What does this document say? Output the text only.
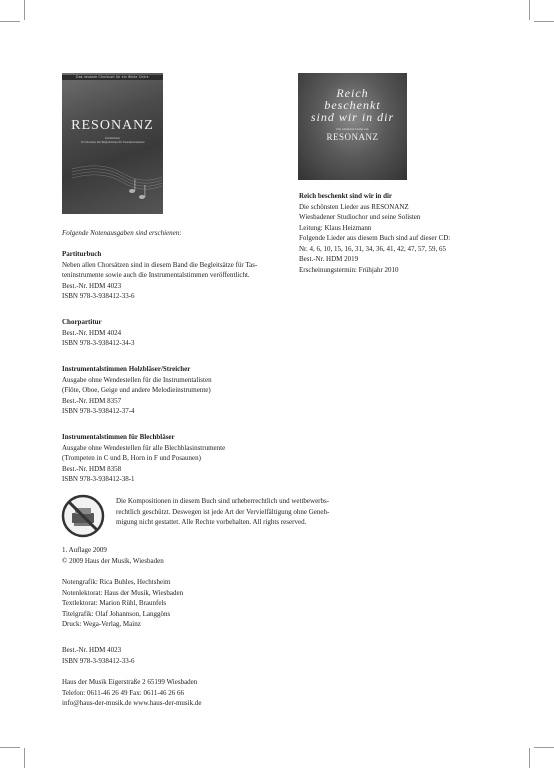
Das neueste Chorbuch für ein Wilde Chöre
RESONANZ
Partiturbuch
10 Chorsätze mit Begleitsätzen für Tasteninstrumente
Reich
beschenkt
sind wir in dir
Die schönsten Lieder aus
RESONANZ
Reich beschenkt sind wir in dir
Die schönsten Lieder aus RESONANZ
Wiesbadener Studiochor und seine Solisten
Leitung: Klaus Heizmann
Folgende Lieder aus diesem Buch sind auf dieser CD:
Nr. 4, 6, 10, 15, 16, 31, 34, 36, 41, 42, 47, 57, 59, 65
Best.-Nr. HDM 2019
Erscheinungstermin: Frühjahr 2010
Folgende Notenausgaben sind erschienen:
Partiturbuch
Neben allen Chorsätzen sind in diesem Band die Begleitsätze für Tas-
teninstrumente sowie auch die Instrumentalstimmen veröffentlicht.
Best.-Nr. HDM 4023
ISBN 978-3-938412-33-6
Chorpartitur
Best.-Nr. HDM 4024
ISBN 978-3-938412-34-3
Instrumentalstimmen Holzbläser/Streicher
Ausgabe ohne Wendestellen für die Instrumentalisten
(Flöte, Oboe, Geige und andere Melodieinstrumente)
Best.-Nr. HDM 8357
ISBN 978-3-938412-37-4
Instrumentalstimmen für Blechbläser
Ausgabe ohne Wendestellen für alle Blechblasinstrumente
(Trompeten in C und B, Horn in F und Posaunen)
Best.-Nr. HDM 8358
ISBN 978-3-938412-38-1
Die Kompositionen in diesem Buch sind urheberrechtlich und wettbewerbs-
rechtlich geschützt. Deswegen ist jede Art der Vervielfältigung ohne Geneh-
migung nicht gestattet. Alle Rechte vorbehalten. All rights reserved.
1. Auflage 2009
© 2009 Haus der Musik, Wiesbaden
Notengrafik: Rica Buhles, Hechtsheim
Notenlektorat: Haus der Musik, Wiesbaden
Textlektorat: Marion Rühl, Braunfels
Titelgrafik: Olaf Johannson, Langgöns
Druck: Wega-Verlag, Mainz
Best.-Nr. HDM 4023
ISBN 978-3-938412-33-6
Haus der Musik Eigerstraße 2 65199 Wiesbaden
Telefon: 0611-46 26 49 Fax: 0611-46 26 66
info@haus-der-musik.de www.haus-der-musik.de
